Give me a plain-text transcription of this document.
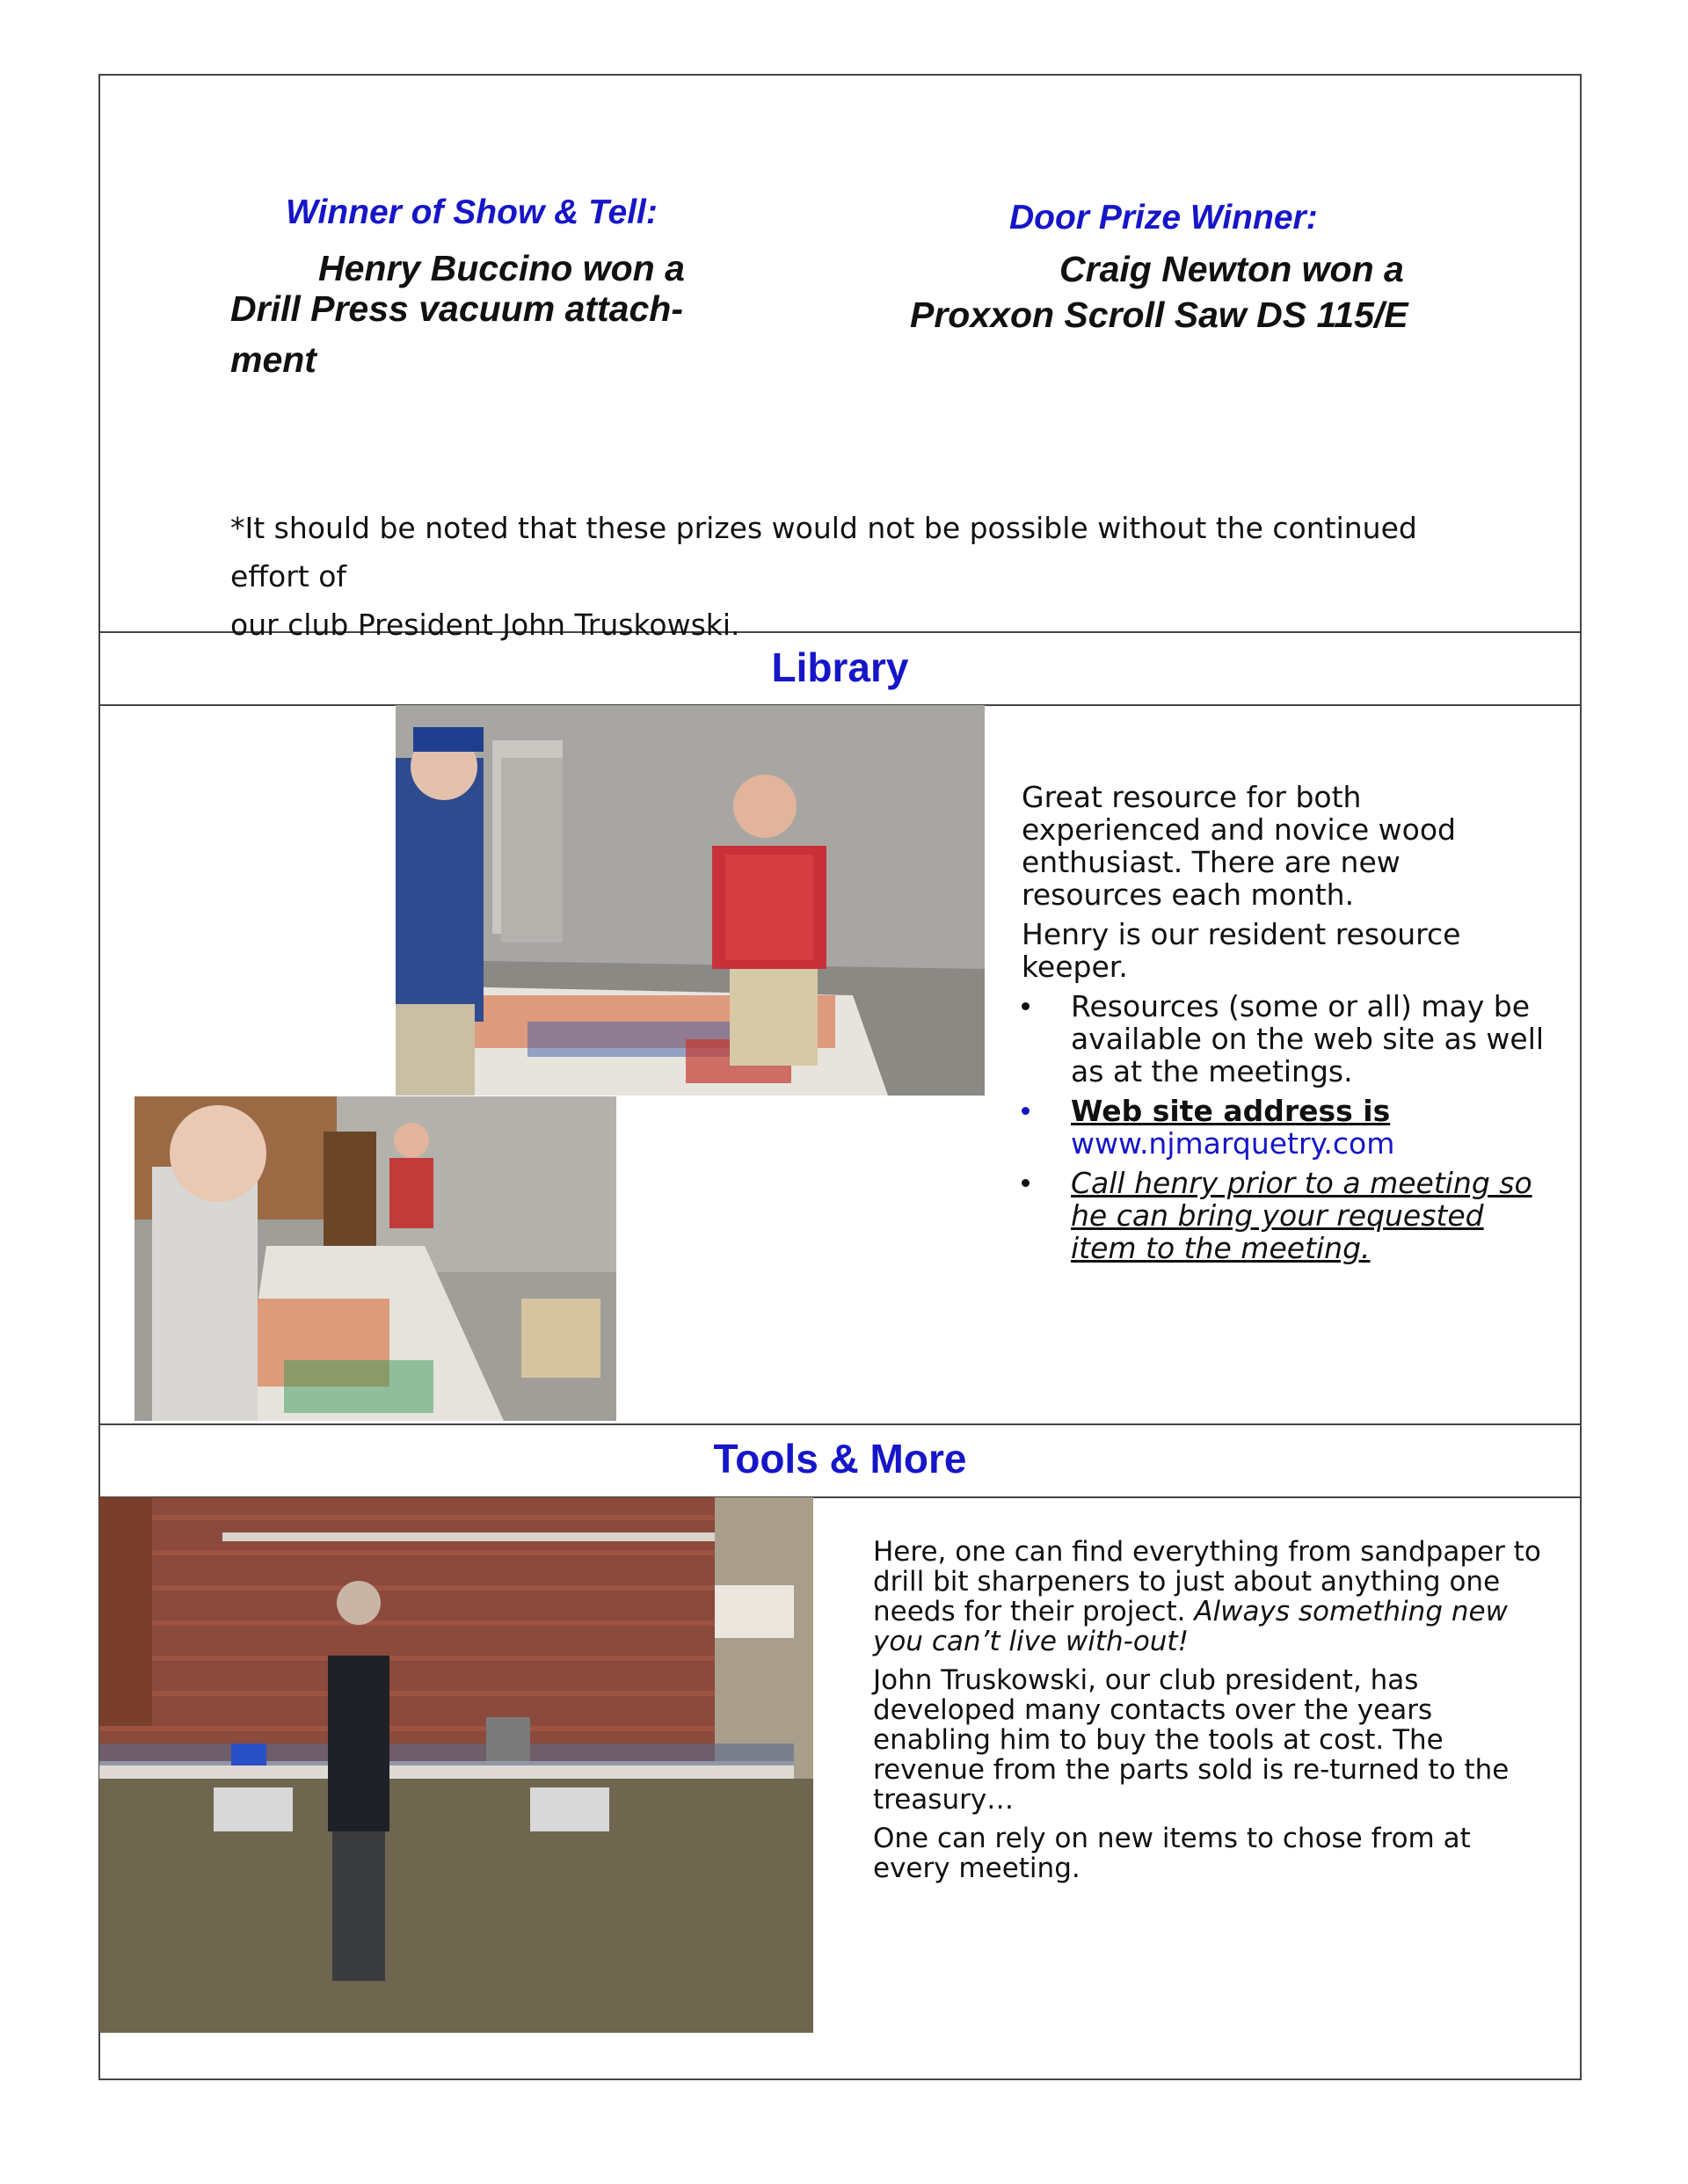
Winner of Show & Tell:
Henry Buccino won a
Drill Press vacuum attach-
ment
Door Prize Winner:
Craig Newton won a
Proxxon Scroll Saw DS 115/E
*It should be noted that these prizes would not be possible without the continued effort of
our club President John Truskowski.
Library

Great resource for both experienced and novice wood enthusiast. There are new resources each month.

Henry is our resident resource keeper.

Resources (some or all) may be available on the web site as well as at the meetings.
Web site address is
www.njmarquetry.com
Call henry prior to a meeting so he can bring your requested item to the meeting.
Tools & More

Here, one can find everything from sandpaper to drill bit sharpeners to just about anything one needs for their project. Always something new you can’t live with-out!

John Truskowski, our club president, has developed many contacts over the years enabling him to buy the tools at cost. The revenue from the parts sold is re-turned to the treasury…

One can rely on new items to chose from at every meeting.
